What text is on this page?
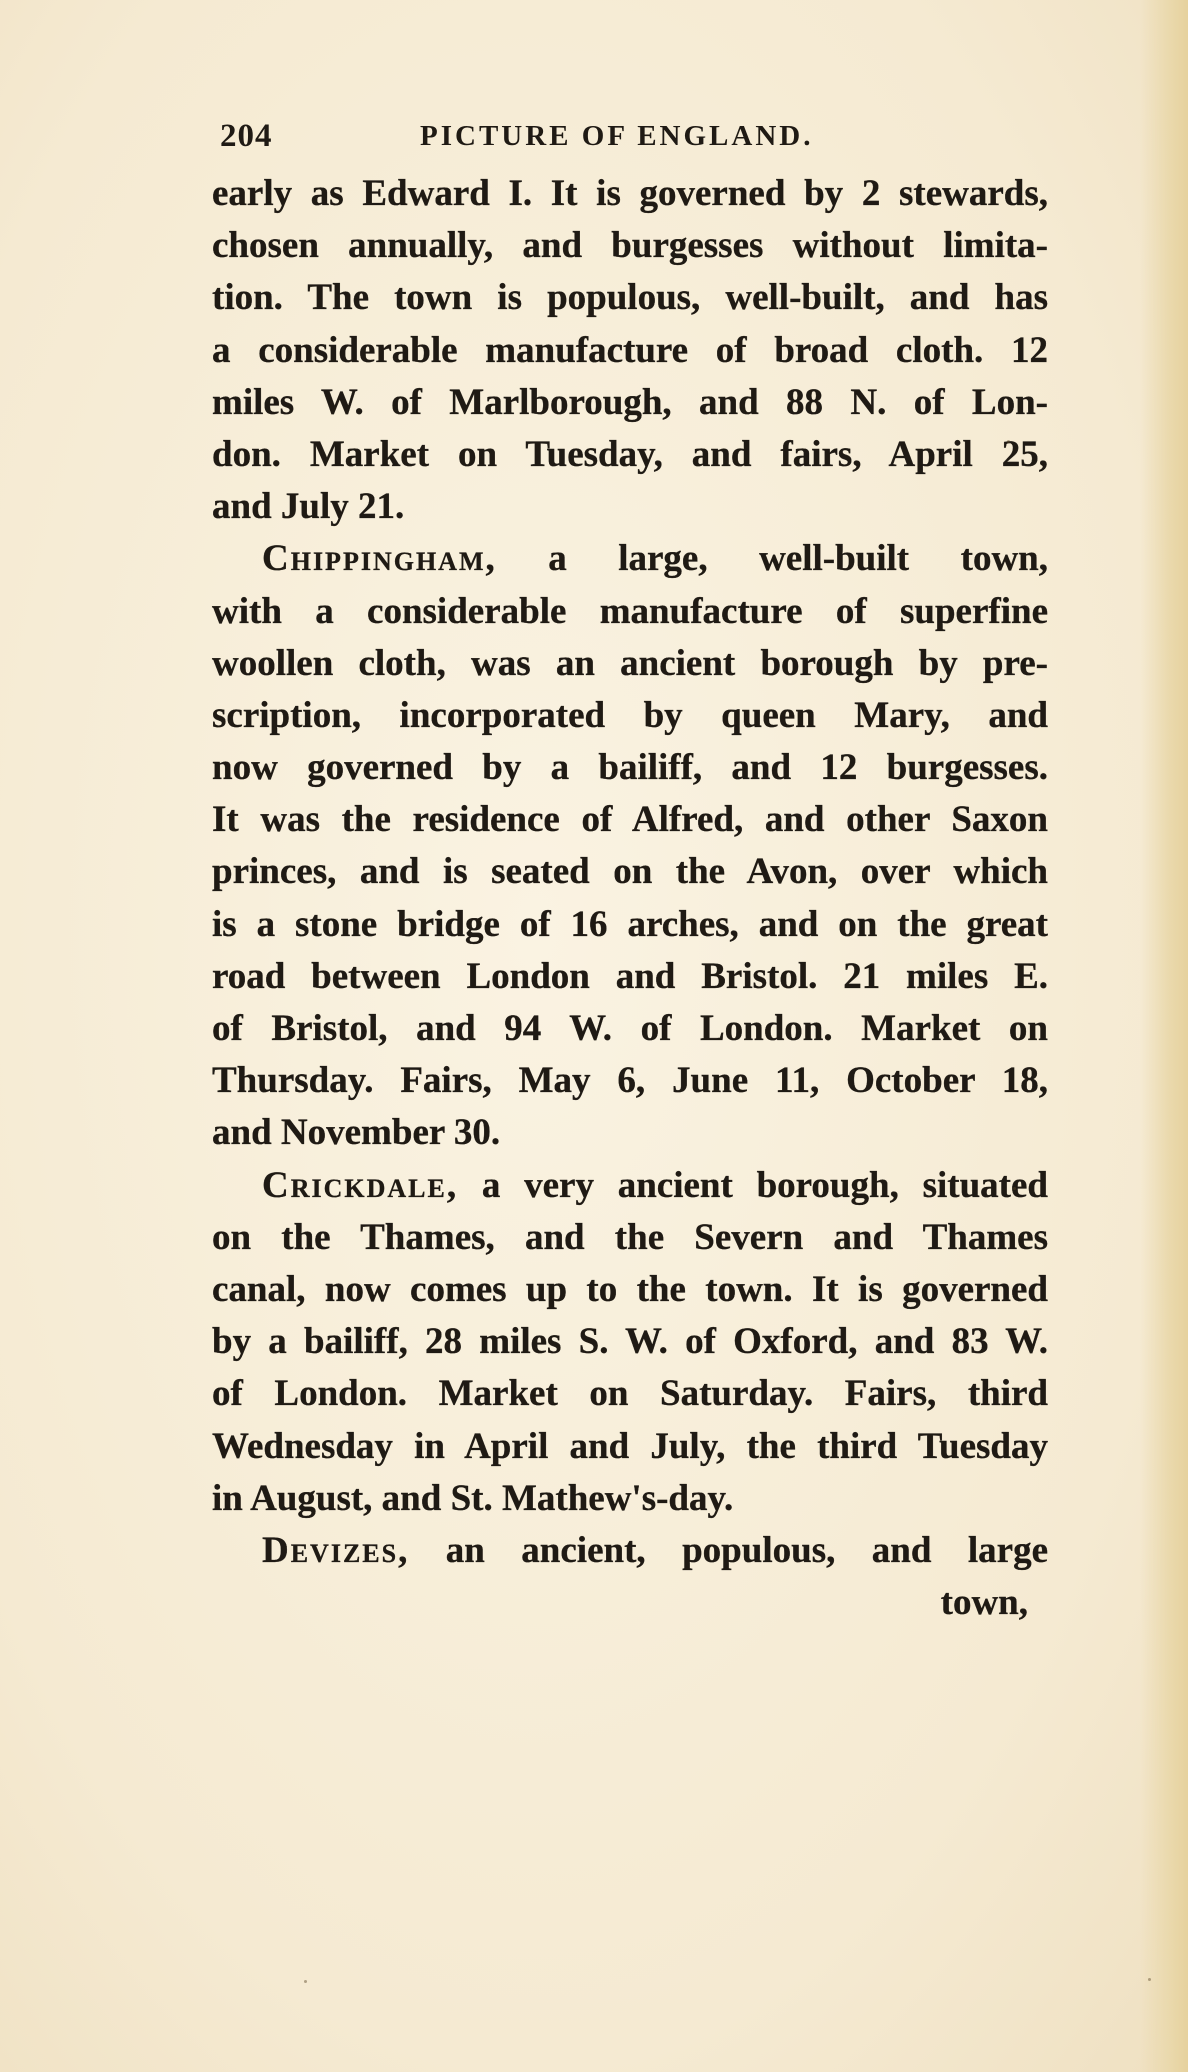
204	PICTURE OF ENGLAND.
early as Edward I. It is governed by 2 stewards,
chosen annually, and burgesses without limita-
tion. The town is populous, well-built, and has
a considerable manufacture of broad cloth. 12
miles W. of Marlborough, and 88 N. of Lon-
don. Market on Tuesday, and fairs, April 25,
and July 21.
Chippingham, a large, well-built town,
with a considerable manufacture of superfine
woollen cloth, was an ancient borough by pre-
scription, incorporated by queen Mary, and
now governed by a bailiff, and 12 burgesses.
It was the residence of Alfred, and other Saxon
princes, and is seated on the Avon, over which
is a stone bridge of 16 arches, and on the great
road between London and Bristol. 21 miles E.
of Bristol, and 94 W. of London. Market on
Thursday. Fairs, May 6, June 11, October 18,
and November 30.
Crickdale, a very ancient borough, situated
on the Thames, and the Severn and Thames
canal, now comes up to the town. It is governed
by a bailiff, 28 miles S. W. of Oxford, and 83 W.
of London. Market on Saturday. Fairs, third
Wednesday in April and July, the third Tuesday
in August, and St. Mathew's-day.
Devizes, an ancient, populous, and large
town,
